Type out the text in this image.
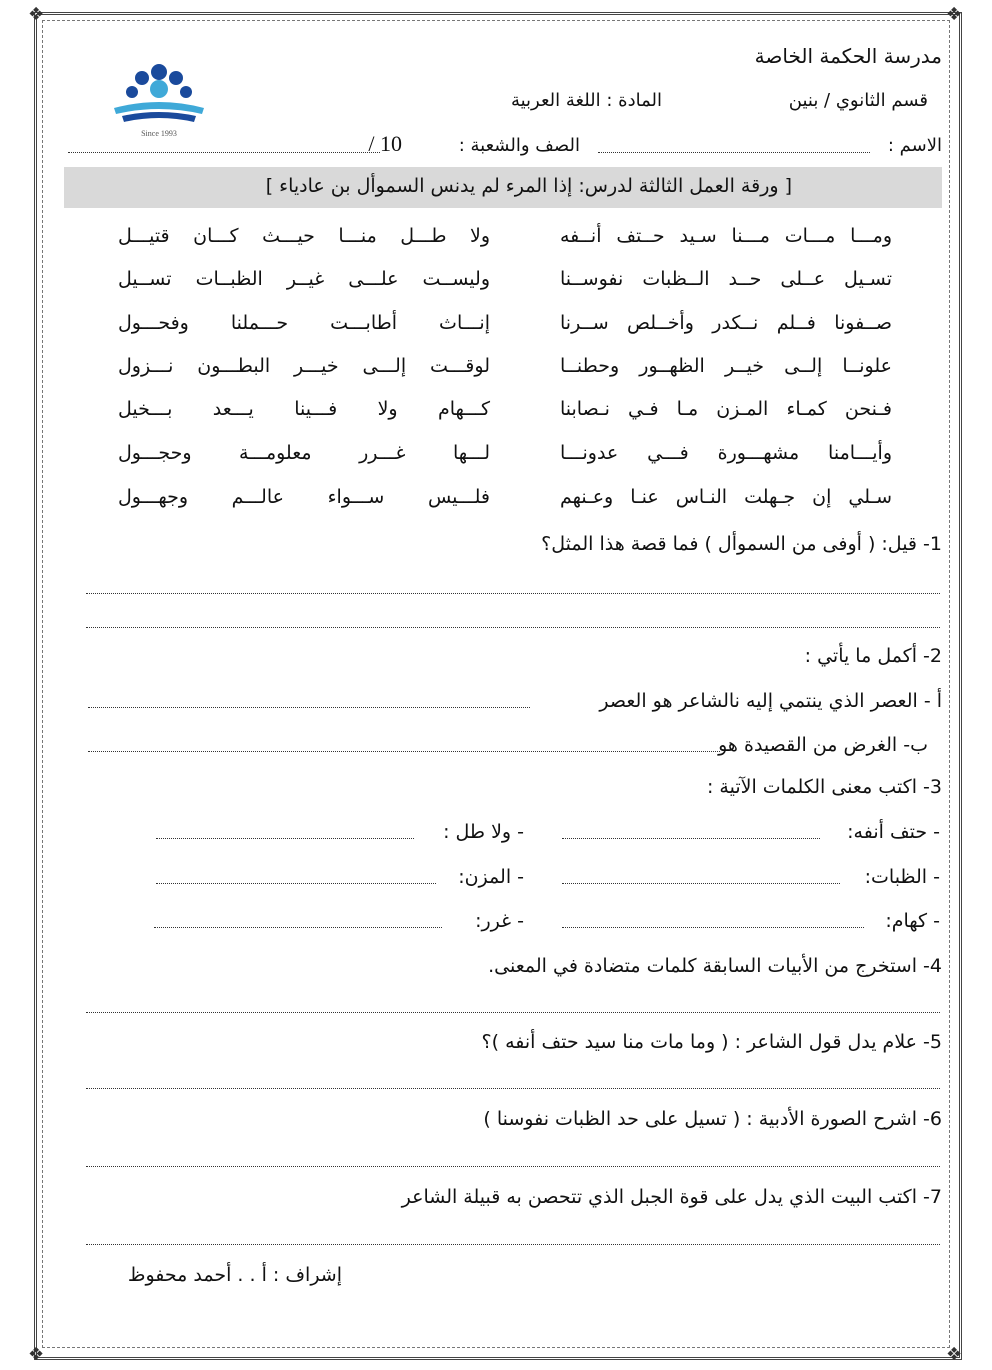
❖	❖
❖	❖
Since 1993
مدرسة الحكمة الخاصة
قسم الثانوي / بنين
المادة : اللغة العربية
الاسم :
الصف والشعبة :
10 /
[ ورقة العمل الثالثة لدرس: إذا المرء لم يدنس السموأل بن عادياء ]
ومـــا مـــات مـــنا سـيد حــتف أنــفه
ولا طـــل منـــا حيـــث كـــان قتيـــل
تسـيل عــلى حــد الــظبات نفوســنا
وليســت علـــى غيــر الظبــات تســيل
صــفونا فــلم نــكدر وأخــلص ســرنا
إنـــاث أطابـــت حـــملنا وفحـــول
علونــا إلــى خيــر الظهــور وحطنــا
لوقـــت إلـــى خيـــر البطـــون نـــزول
فـنحن كمـاء المـزن مـا فـي نـصابنا
كـــهام ولا فـــينا يـــعد بـــخيل
وأيـــامنا مشهـــورة فـــي عدونـــا
لـــها غـــرر معلومـــة وحجـــول
سـلي إن جـهلت النـاس عنـا وعـنهم
فلـــيس ســـواء عالـــم وجهـــول
1- قيل: ( أوفى من السموأل ) فما قصة هذا المثل؟
2- أكمل ما يأتي :
أ - العصر الذي ينتمي إليه نالشاعر هو العصر
ب- الغرض من القصيدة هو
3- اكتب معنى الكلمات الآتية :
- حتف أنفه:
- ولا طل :
- الظبات:
- المزن:
- كهام:
- غرر:
4- استخرج من الأبيات السابقة كلمات متضادة في المعنى.
5- علام يدل قول الشاعر : ( وما مات منا سيد حتف أنفه )؟
6- اشرح الصورة الأدبية : ( تسيل على حد الظبات نفوسنا )
7- اكتب البيت الذي يدل على قوة الجبل الذي تتحصن به قبيلة الشاعر
إشراف : أ . . أحمد محفوظ
